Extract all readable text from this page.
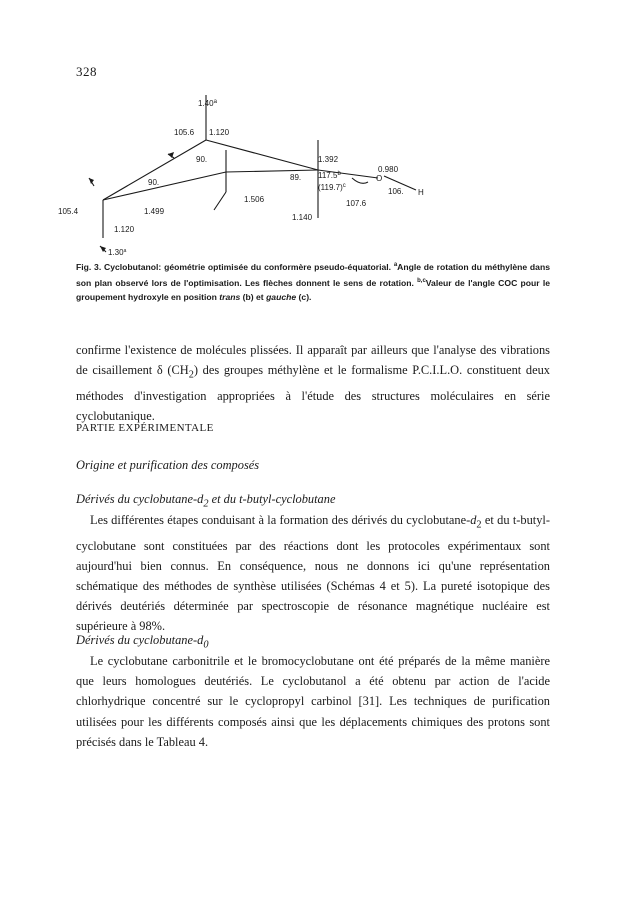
328
1.40$^a$
105.6 1.120
90.
90.
89.
1.392
0.980
117.5$^b$
$(119.7)^c$
O
H
106.
107.6
1.499
1.506
105.4
1.120
1.140
1.30$^a$

Fig. 3. Cyclobutanol: géométrie optimisée du conformère pseudo-équatorial. $^a$Angle de rotation du méthylène dans son plan observé lors de l'optimisation. Les flèches donnent le sens de rotation. $^{b,c}$Valeur de l'angle COC pour le groupement hydroxyle en position trans (b) et gauche (c).

confirme l'existence de molécules plissées. Il apparaît par ailleurs que l'analyse des vibrations de cisaillement δ $(CH_2)$ des groupes méthylène et le formalisme P.C.I.L.O. constituent deux méthodes d'investigation appropriées à l'étude des structures moléculaires en série cyclobutanique.

PARTIE EXPÉRIMENTALE
Origine et purification des composés
Dérivés du cyclobutane-$d_2$ et du t-butyl-cyclobutane

Les différentes étapes conduisant à la formation des dérivés du cyclobutane-$d_2$ et du t-butyl-cyclobutane sont constituées par des réactions dont les protocoles expérimentaux sont aujourd'hui bien connus. En conséquence, nous ne donnons ici qu'une représentation schématique des méthodes de synthèse utilisées (Schémas 4 et 5). La pureté isotopique des dérivés deutériés déterminée par spectroscopie de résonance magnétique nucléaire est supérieure à 98%.

Dérivés du cyclobutane-$d_0$

Le cyclobutane carbonitrile et le bromocyclobutane ont été préparés de la même manière que leurs homologues deutériés. Le cyclobutanol a été obtenu par action de l'acide chlorhydrique concentré sur le cyclopropyl carbinol [31]. Les techniques de purification utilisées pour les différents composés ainsi que les déplacements chimiques des protons sont précisés dans le Tableau 4.
